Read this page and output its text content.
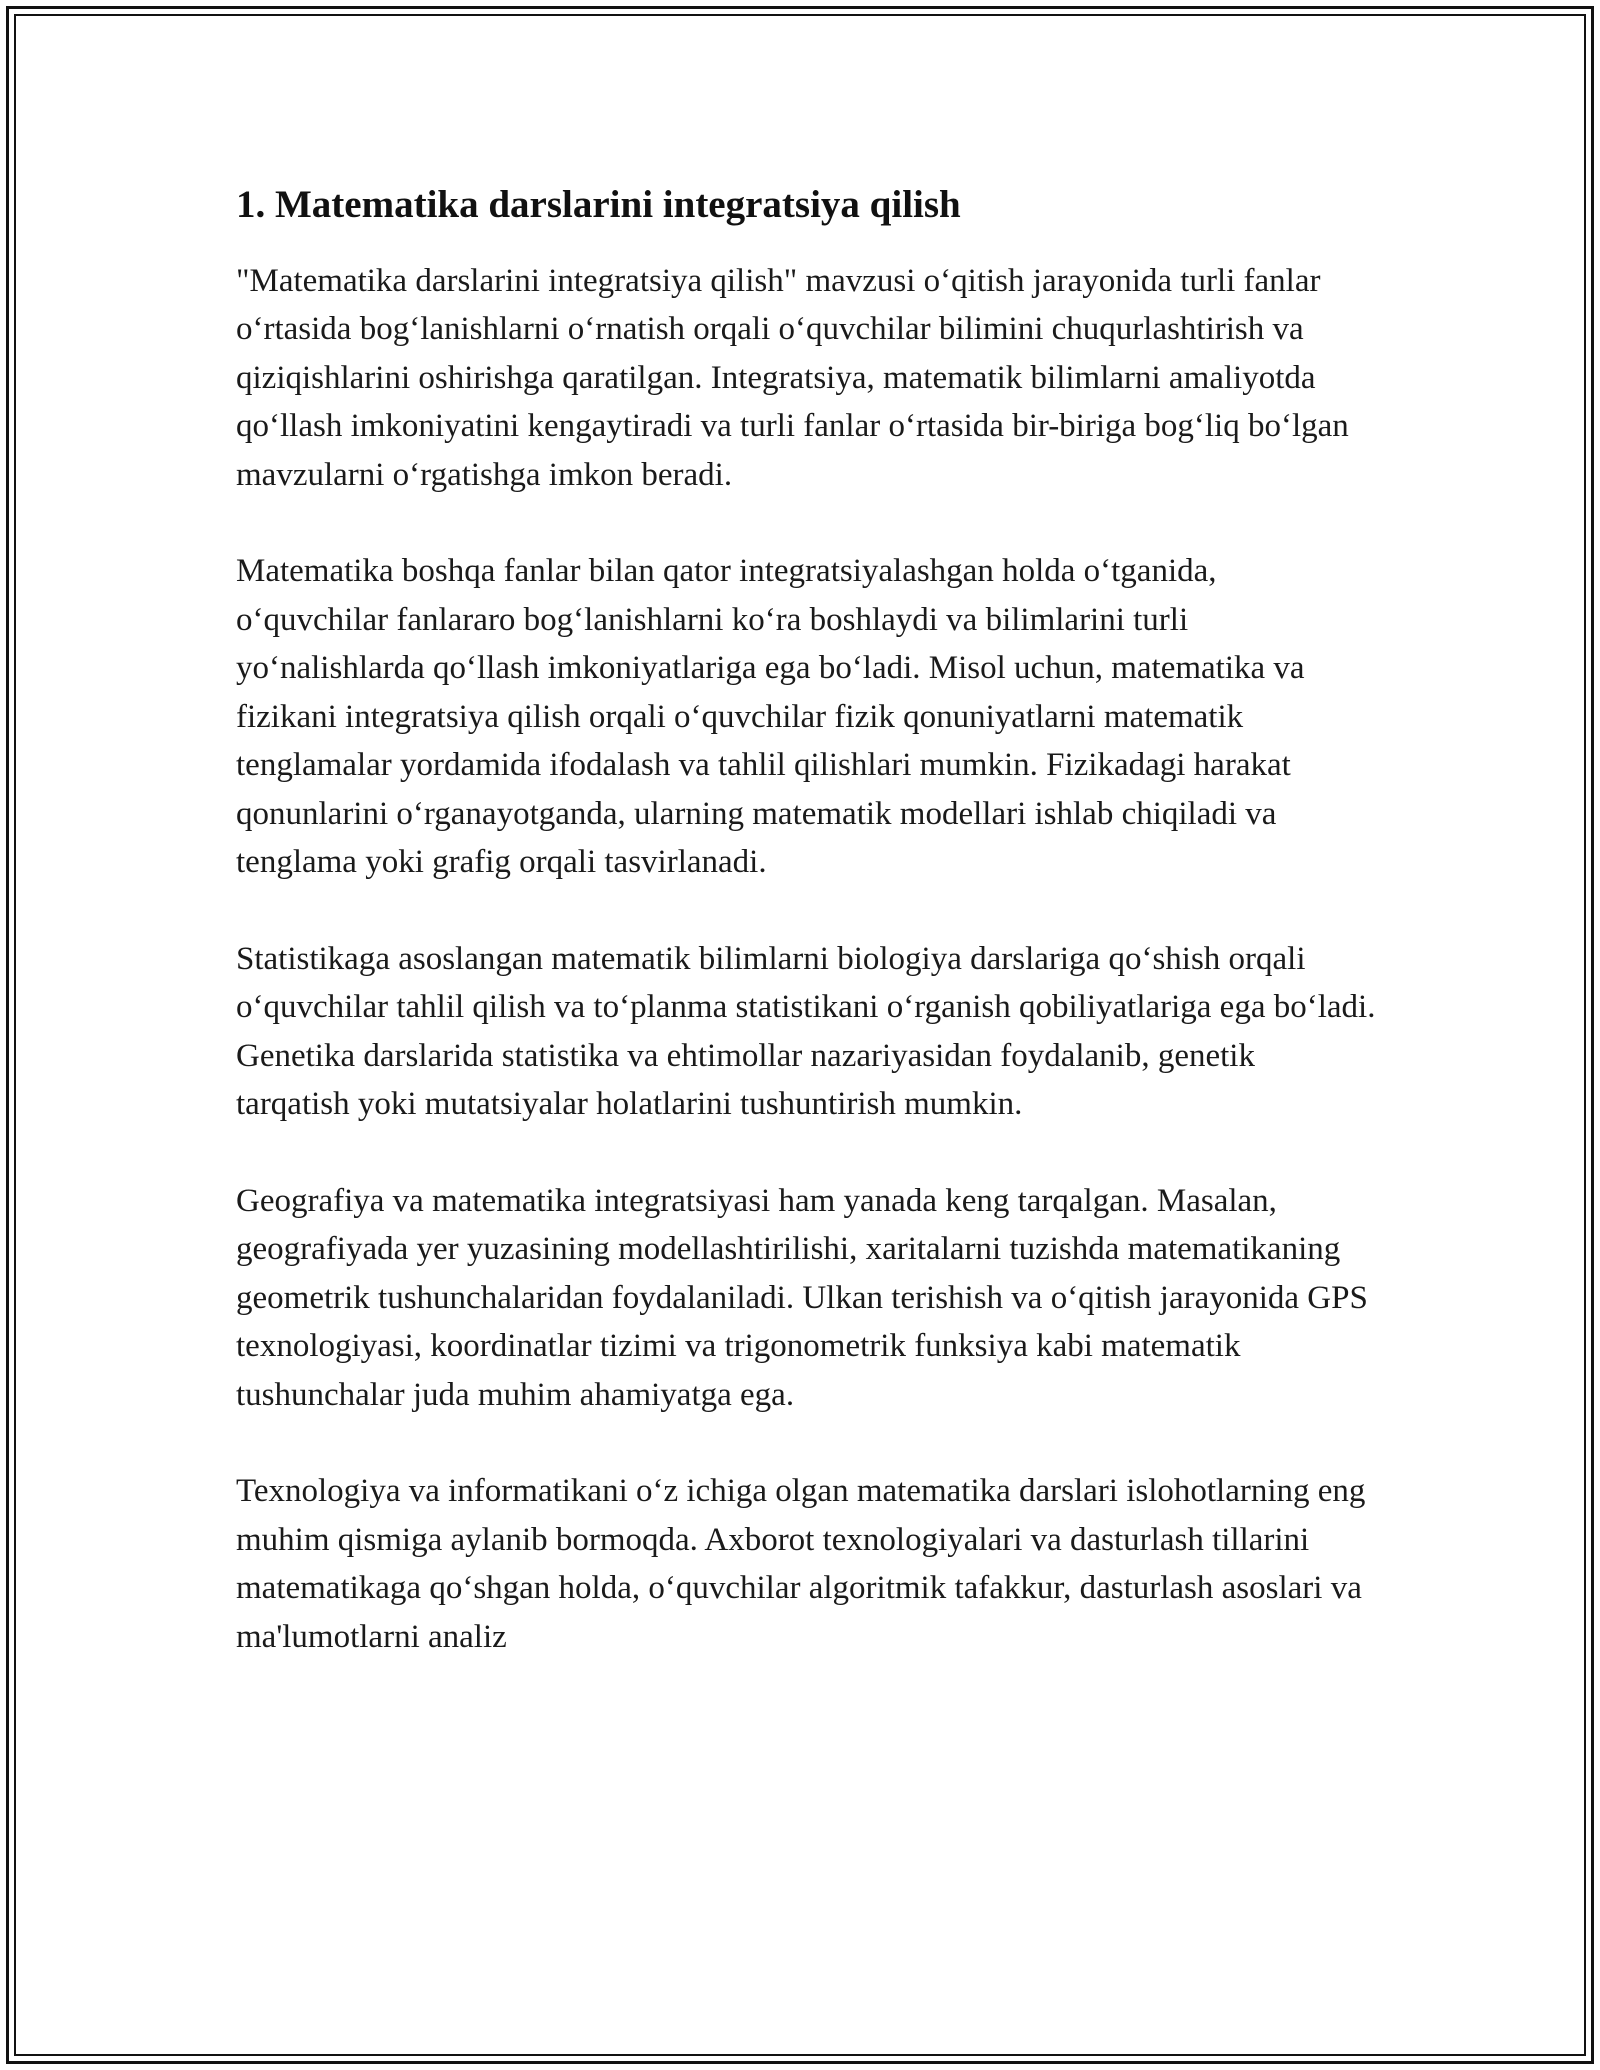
1. Matematika darslarini integratsiya qilish

"Matematika darslarini integratsiya qilish" mavzusi oʻqitish jarayonida turli fanlar oʻrtasida bogʻlanishlarni oʻrnatish orqali oʻquvchilar bilimini chuqurlashtirish va qiziqishlarini oshirishga qaratilgan. Integratsiya, matematik bilimlarni amaliyotda qoʻllash imkoniyatini kengaytiradi va turli fanlar oʻrtasida bir-biriga bogʻliq boʻlgan mavzularni oʻrgatishga imkon beradi.

Matematika boshqa fanlar bilan qator integratsiyalashgan holda oʻtganida, oʻquvchilar fanlararo bogʻlanishlarni koʻra boshlaydi va bilimlarini turli yoʻnalishlarda qoʻllash imkoniyatlariga ega boʻladi. Misol uchun, matematika va fizikani integratsiya qilish orqali oʻquvchilar fizik qonuniyatlarni matematik tenglamalar yordamida ifodalash va tahlil qilishlari mumkin. Fizikadagi harakat qonunlarini oʻrganayotganda, ularning matematik modellari ishlab chiqiladi va tenglama yoki grafig orqali tasvirlanadi.

Statistikaga asoslangan matematik bilimlarni biologiya darslariga qoʻshish orqali oʻquvchilar tahlil qilish va toʻplanma statistikani oʻrganish qobiliyatlariga ega boʻladi. Genetika darslarida statistika va ehtimollar nazariyasidan foydalanib, genetik tarqatish yoki mutatsiyalar holatlarini tushuntirish mumkin.

Geografiya va matematika integratsiyasi ham yanada keng tarqalgan. Masalan, geografiyada yer yuzasining modellashtirilishi, xaritalarni tuzishda matematikaning geometrik tushunchalaridan foydalaniladi. Ulkan terishish va oʻqitish jarayonida GPS texnologiyasi, koordinatlar tizimi va trigonometrik funksiya kabi matematik tushunchalar juda muhim ahamiyatga ega.

Texnologiya va informatikani oʻz ichiga olgan matematika darslari islohotlarning eng muhim qismiga aylanib bormoqda. Axborot texnologiyalari va dasturlash tillarini matematikaga qoʻshgan holda, oʻquvchilar algoritmik tafakkur, dasturlash asoslari va ma'lumotlarni analiz
